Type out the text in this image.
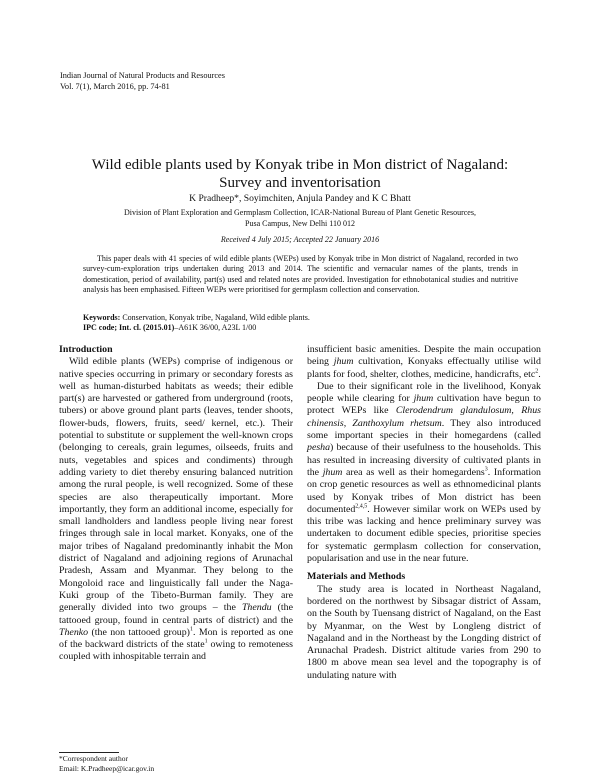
Indian Journal of Natural Products and Resources
Vol. 7(1), March 2016, pp. 74-81
Wild edible plants used by Konyak tribe in Mon district of Nagaland:
Survey and inventorisation
K Pradheep*, Soyimchiten, Anjula Pandey and K C Bhatt
Division of Plant Exploration and Germplasm Collection, ICAR-National Bureau of Plant Genetic Resources,
Pusa Campus, New Delhi 110 012
Received 4 July 2015; Accepted 22 January 2016
This paper deals with 41 species of wild edible plants (WEPs) used by Konyak tribe in Mon district of Nagaland, recorded in two survey-cum-exploration trips undertaken during 2013 and 2014. The scientific and vernacular names of the plants, trends in domestication, period of availability, part(s) used and related notes are provided. Investigation for ethnobotanical studies and nutritive analysis has been emphasised. Fifteen WEPs were prioritised for germplasm collection and conservation.
Keywords: Conservation, Konyak tribe, Nagaland, Wild edible plants.
IPC code; Int. cl. (2015.01)–A61K 36/00, A23L 1/00
Introduction

Wild edible plants (WEPs) comprise of indigenous or native species occurring in primary or secondary forests as well as human-disturbed habitats as weeds; their edible part(s) are harvested or gathered from underground (roots, tubers) or above ground plant parts (leaves, tender shoots, flower-buds, flowers, fruits, seed/ kernel, etc.). Their potential to substitute or supplement the well-known crops (belonging to cereals, grain legumes, oilseeds, fruits and nuts, vegetables and spices and condiments) through adding variety to diet thereby ensuring balanced nutrition among the rural people, is well recognized. Some of these species are also therapeutically important. More importantly, they form an additional income, especially for small landholders and landless people living near forest fringes through sale in local market. Konyaks, one of the major tribes of Nagaland predominantly inhabit the Mon district of Nagaland and adjoining regions of Arunachal Pradesh, Assam and Myanmar. They belong to the Mongoloid race and linguistically fall under the Naga-Kuki group of the Tibeto-Burman family. They are generally divided into two groups – the Thendu (the tattooed group, found in central parts of district) and the Thenko (the non tattooed group)$^1$. Mon is reported as one of the backward districts of the state$^1$ owing to remoteness coupled with inhospitable terrain and

insufficient basic amenities. Despite the main occupation being jhum cultivation, Konyaks effectually utilise wild plants for food, shelter, clothes, medicine, handicrafts, etc$^2$.

Due to their significant role in the livelihood, Konyak people while clearing for jhum cultivation have begun to protect WEPs like Clerodendrum glandulosum, Rhus chinensis, Zanthoxylum rhetsum. They also introduced some important species in their homegardens (called pesha) because of their usefulness to the households. This has resulted in increasing diversity of cultivated plants in the jhum area as well as their homegardens$^3$. Information on crop genetic resources as well as ethnomedicinal plants used by Konyak tribes of Mon district has been documented$^{2,4,5}$. However similar work on WEPs used by this tribe was lacking and hence preliminary survey was undertaken to document edible species, prioritise species for systematic germplasm collection for conservation, popularisation and use in the near future.

Materials and Methods

The study area is located in Northeast Nagaland, bordered on the northwest by Sibsagar district of Assam, on the South by Tuensang district of Nagaland, on the East by Myanmar, on the West by Longleng district of Nagaland and in the Northeast by the Longding district of Arunachal Pradesh. District altitude varies from 290 to 1800 m above mean sea level and the topography is of undulating nature with

*Correspondent author
Email: K.Pradheep@icar.gov.in
